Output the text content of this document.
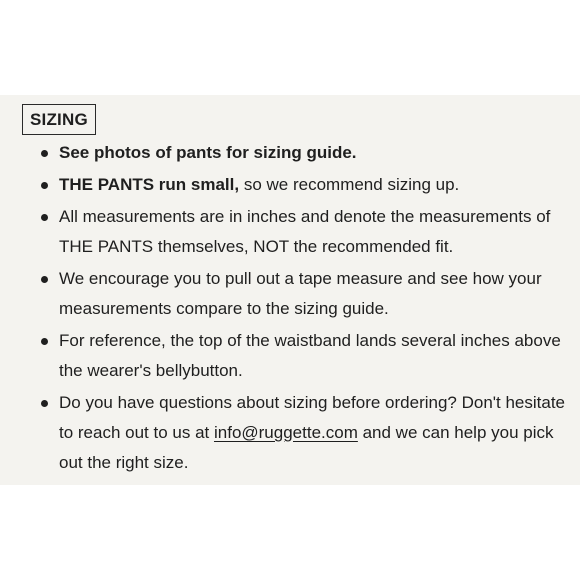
SIZING
See photos of pants for sizing guide.
THE PANTS run small, so we recommend sizing up.
All measurements are in inches and denote the measurements of THE PANTS themselves, NOT the recommended fit.
We encourage you to pull out a tape measure and see how your measurements compare to the sizing guide.
For reference, the top of the waistband lands several inches above the wearer's bellybutton.
Do you have questions about sizing before ordering? Don't hesitate to reach out to us at info@ruggette.com and we can help you pick out the right size.
